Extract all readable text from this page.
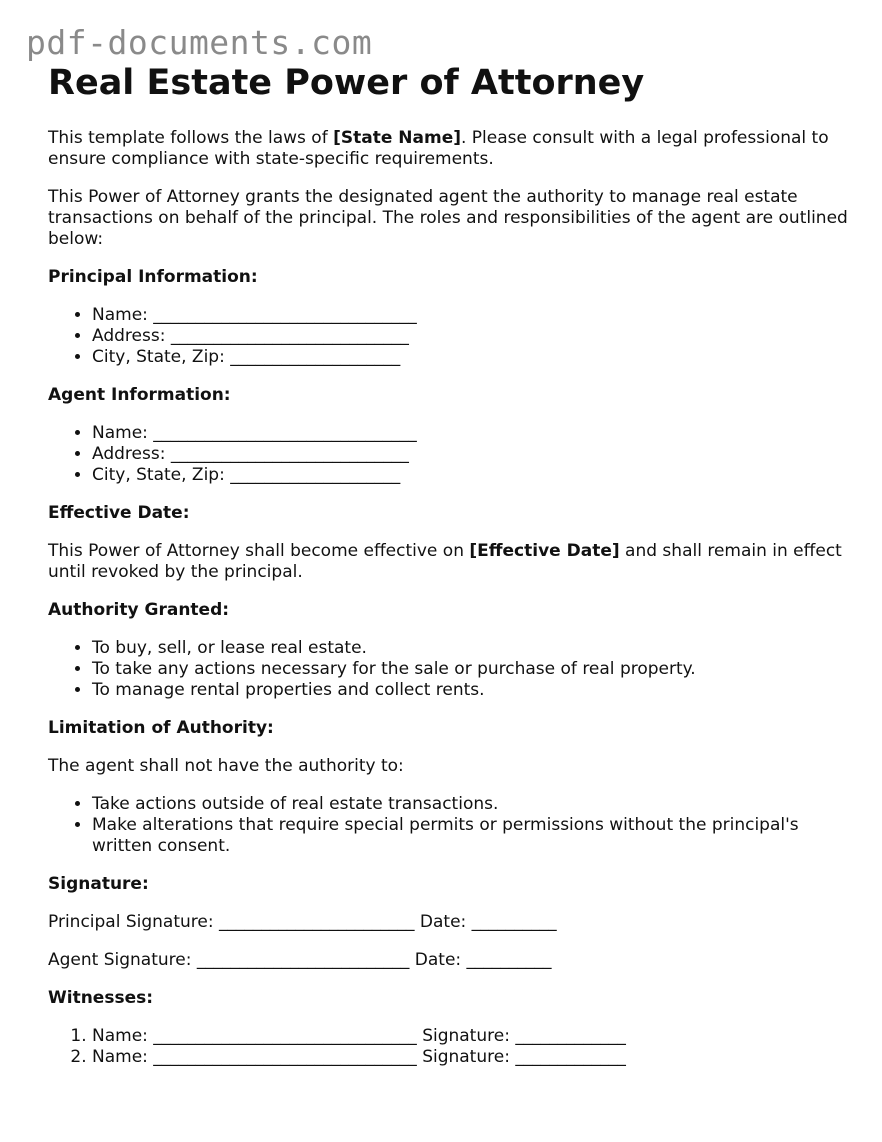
pdf-documents.com
Real Estate Power of Attorney

This template follows the laws of [State Name]. Please consult with a legal professional to ensure compliance with state-specific requirements.

This Power of Attorney grants the designated agent the authority to manage real estate transactions on behalf of the principal. The roles and responsibilities of the agent are outlined below:

Principal Information:
• Name: _______________________________
• Address: ____________________________
• City, State, Zip: ____________________
Agent Information:
• Name: _______________________________
• Address: ____________________________
• City, State, Zip: ____________________
Effective Date:

This Power of Attorney shall become effective on [Effective Date] and shall remain in effect until revoked by the principal.

Authority Granted:
• To buy, sell, or lease real estate.
• To take any actions necessary for the sale or purchase of real property.
• To manage rental properties and collect rents.
Limitation of Authority:

The agent shall not have the authority to:

• Take actions outside of real estate transactions.
• Make alterations that require special permits or permissions without the principal's written consent.
Signature:

Principal Signature: _______________________ Date: __________

Agent Signature: _________________________ Date: __________

Witnesses:
1. Name: _______________________________ Signature: _____________
2. Name: _______________________________ Signature: _____________
